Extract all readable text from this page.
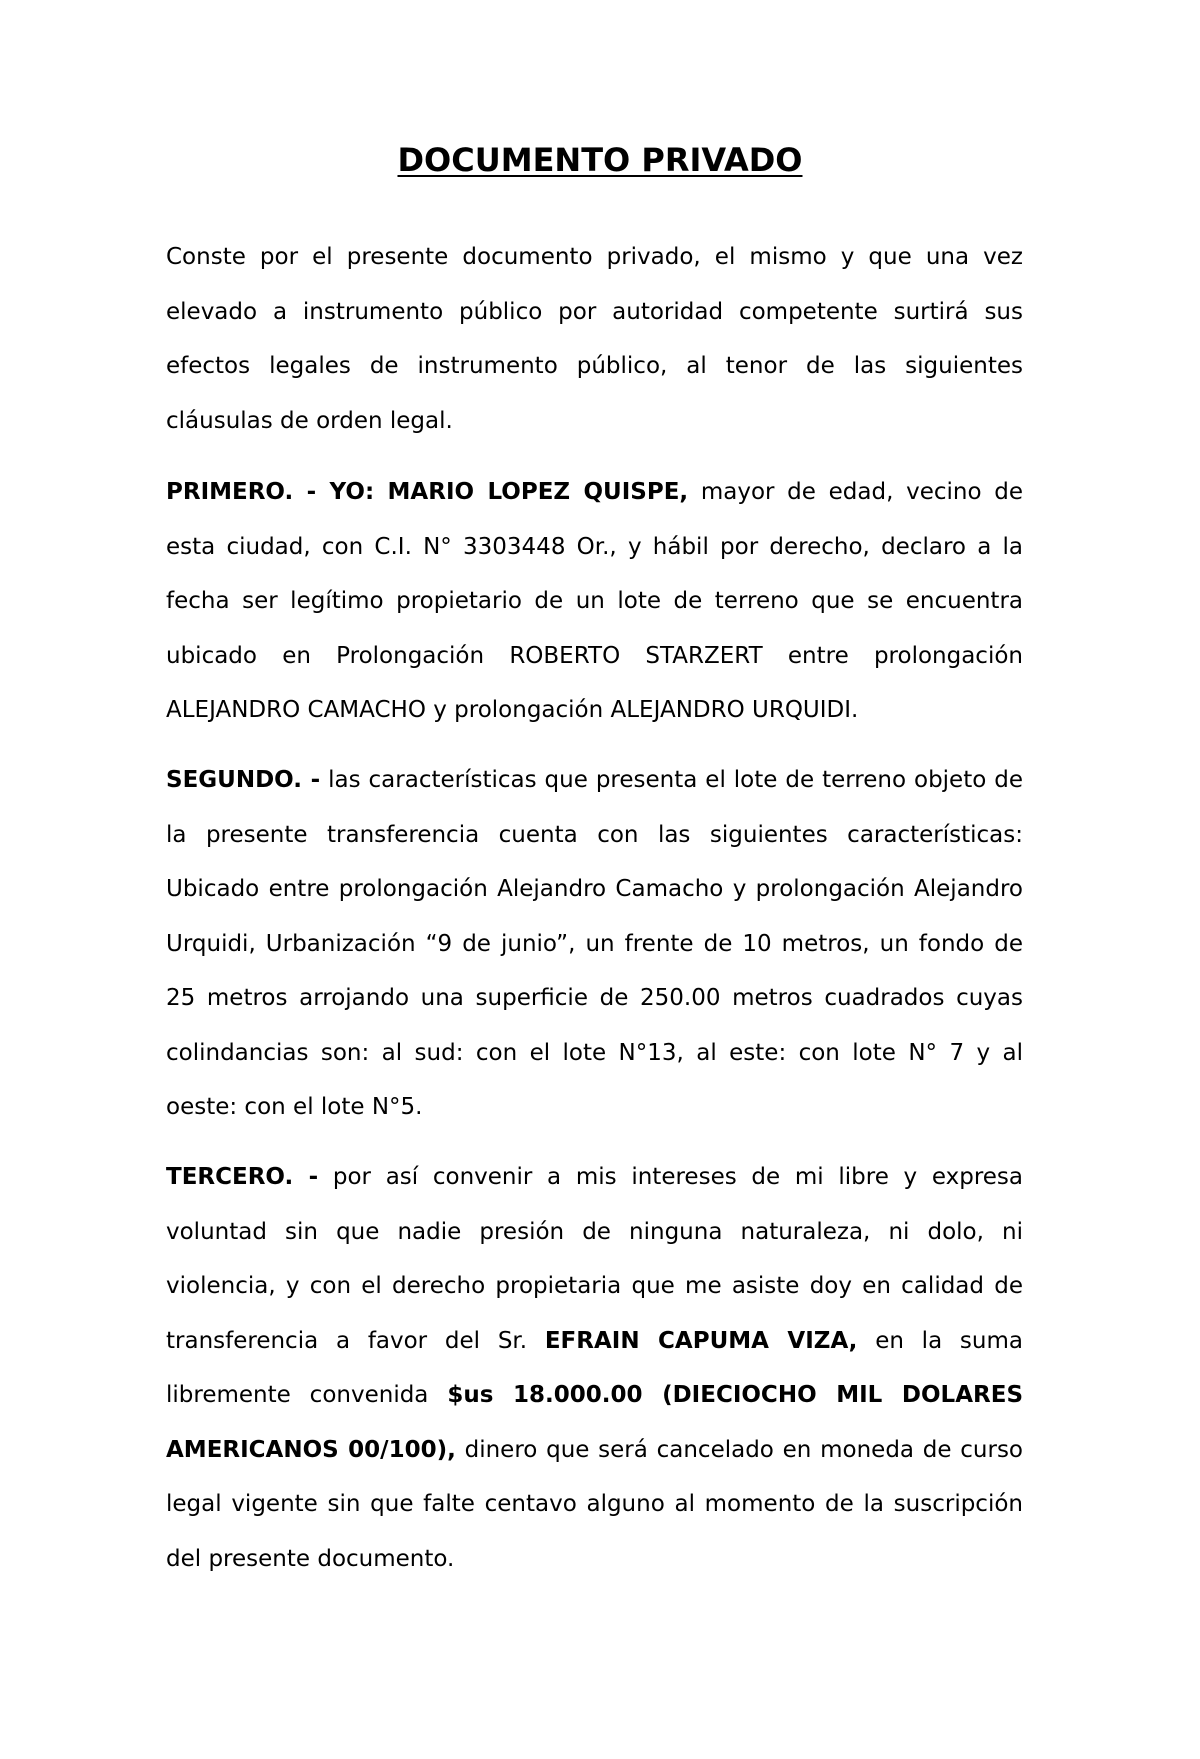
DOCUMENTO PRIVADO

Conste por el presente documento privado, el mismo y que una vez elevado a instrumento público por autoridad competente surtirá sus efectos legales de instrumento público, al tenor de las siguientes cláusulas de orden legal.

PRIMERO. - YO: MARIO LOPEZ QUISPE, mayor de edad, vecino de esta ciudad, con C.I. N° 3303448 Or., y hábil por derecho, declaro a la fecha ser legítimo propietario de un lote de terreno que se encuentra ubicado en Prolongación ROBERTO STARZERT entre prolongación ALEJANDRO CAMACHO y prolongación ALEJANDRO URQUIDI.

SEGUNDO. - las características que presenta el lote de terreno objeto de la presente transferencia cuenta con las siguientes características: Ubicado entre prolongación Alejandro Camacho y prolongación Alejandro Urquidi, Urbanización “9 de junio”, un frente de 10 metros, un fondo de 25 metros arrojando una superficie de 250.00 metros cuadrados cuyas colindancias son: al sud: con el lote N°13, al este: con lote N° 7 y al oeste: con el lote N°5.

TERCERO. - por así convenir a mis intereses de mi libre y expresa voluntad sin que nadie presión de ninguna naturaleza, ni dolo, ni violencia, y con el derecho propietaria que me asiste doy en calidad de transferencia a favor del Sr. EFRAIN CAPUMA VIZA, en la suma libremente convenida $us 18.000.00 (DIECIOCHO MIL DOLARES AMERICANOS 00/100), dinero que será cancelado en moneda de curso legal vigente sin que falte centavo alguno al momento de la suscripción del presente documento.
